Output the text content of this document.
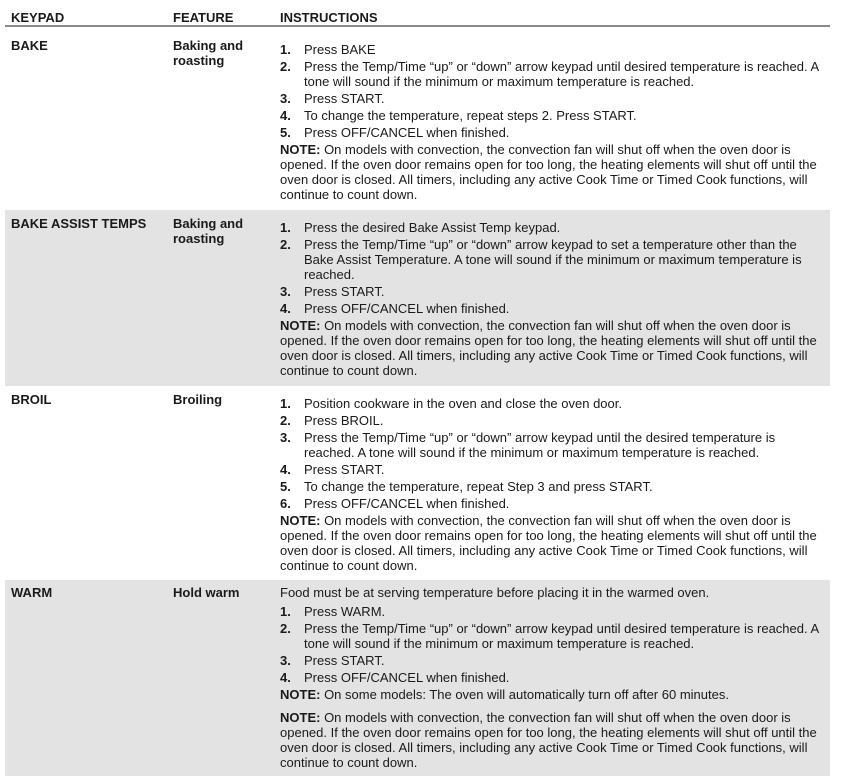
KEYPAD	FEATURE	INSTRUCTIONS
BAKE	Baking and roasting
1. Press BAKE
2. Press the Temp/Time “up” or “down” arrow keypad until desired temperature is reached. A tone will sound if the minimum or maximum temperature is reached.
3. Press START.
4. To change the temperature, repeat steps 2. Press START.
5. Press OFF/CANCEL when finished.
NOTE: On models with convection, the convection fan will shut off when the oven door is opened. If the oven door remains open for too long, the heating elements will shut off until the oven door is closed. All timers, including any active Cook Time or Timed Cook functions, will continue to count down.
BAKE ASSIST TEMPS	Baking and roasting
1. Press the desired Bake Assist Temp keypad.
2. Press the Temp/Time “up” or “down” arrow keypad to set a temperature other than the Bake Assist Temperature. A tone will sound if the minimum or maximum temperature is reached.
3. Press START.
4. Press OFF/CANCEL when finished.
NOTE: On models with convection, the convection fan will shut off when the oven door is opened. If the oven door remains open for too long, the heating elements will shut off until the oven door is closed. All timers, including any active Cook Time or Timed Cook functions, will continue to count down.
BROIL	Broiling	1. Position cookware in the oven and close the oven door.
2. Press BROIL.
3. Press the Temp/Time “up” or “down” arrow keypad until the desired temperature is reached. A tone will sound if the minimum or maximum temperature is reached.
4. Press START.
5. To change the temperature, repeat Step 3 and press START.
6. Press OFF/CANCEL when finished.
NOTE: On models with convection, the convection fan will shut off when the oven door is opened. If the oven door remains open for too long, the heating elements will shut off until the oven door is closed. All timers, including any active Cook Time or Timed Cook functions, will continue to count down.
WARM	Hold warm	Food must be at serving temperature before placing it in the warmed oven.
1. Press WARM.
2. Press the Temp/Time “up” or “down” arrow keypad until desired temperature is reached. A tone will sound if the minimum or maximum temperature is reached.
3. Press START.
4. Press OFF/CANCEL when finished.
NOTE: On some models: The oven will automatically turn off after 60 minutes.
NOTE: On models with convection, the convection fan will shut off when the oven door is opened. If the oven door remains open for too long, the heating elements will shut off until the oven door is closed. All timers, including any active Cook Time or Timed Cook functions, will continue to count down.
